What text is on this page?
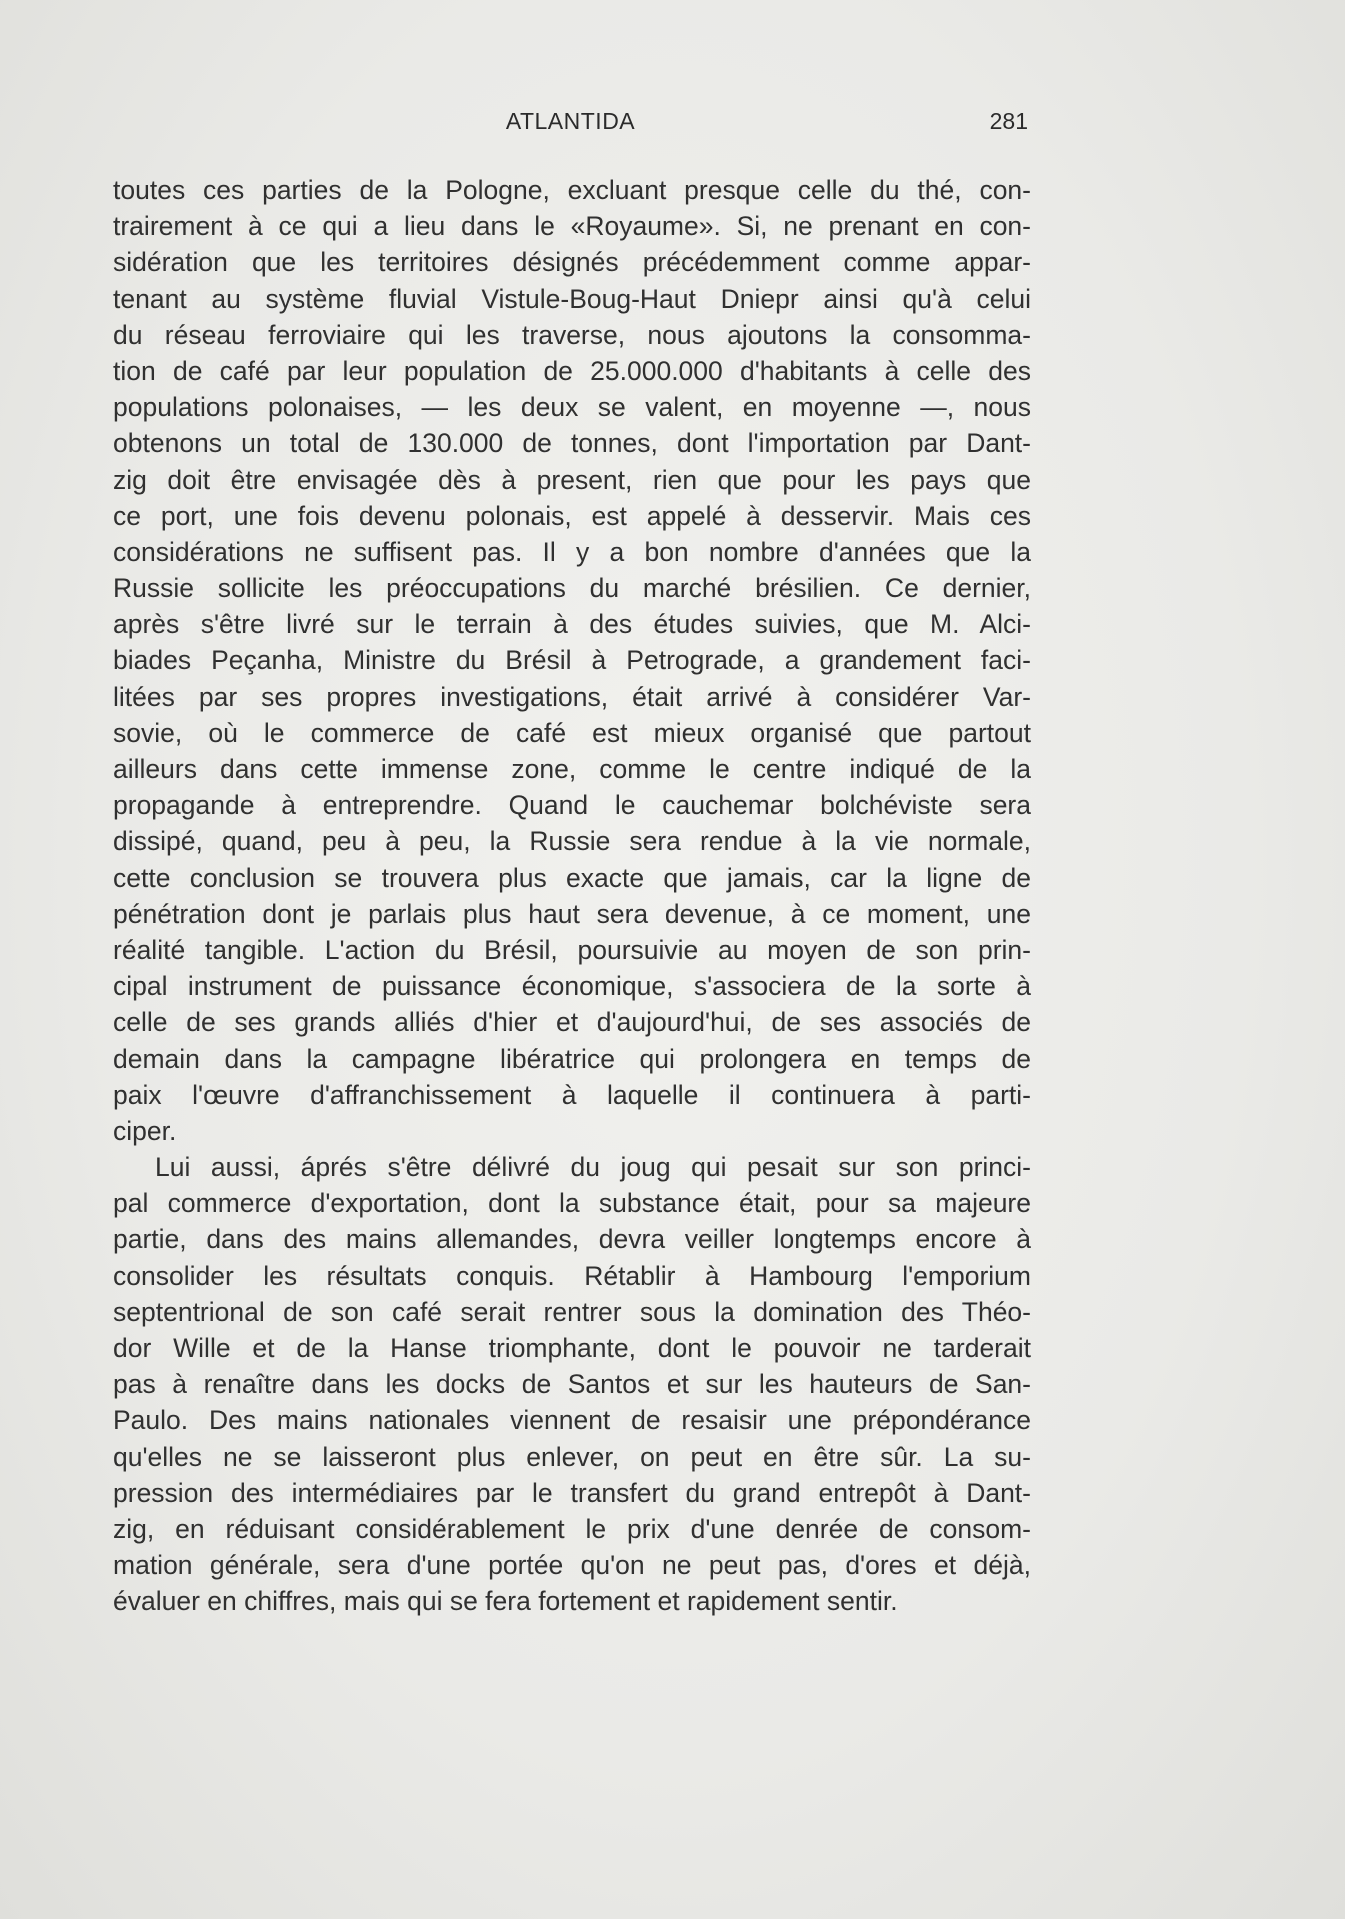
ATLANTIDA	281
toutes ces parties de la Pologne, excluant presque celle du thé, con-
trairement à ce qui a lieu dans le «Royaume». Si, ne prenant en con-
sidération que les territoires désignés précédemment comme appar-
tenant au système fluvial Vistule-Boug-Haut Dniepr ainsi qu'à celui
du réseau ferroviaire qui les traverse, nous ajoutons la consomma-
tion de café par leur population de 25.000.000 d'habitants à celle des
populations polonaises, — les deux se valent, en moyenne —, nous
obtenons un total de 130.000 de tonnes, dont l'importation par Dant-
zig doit être envisagée dès à present, rien que pour les pays que
ce port, une fois devenu polonais, est appelé à desservir. Mais ces
considérations ne suffisent pas. Il y a bon nombre d'années que la
Russie sollicite les préoccupations du marché brésilien. Ce dernier,
après s'être livré sur le terrain à des études suivies, que M. Alci-
biades Peçanha, Ministre du Brésil à Petrograde, a grandement faci-
litées par ses propres investigations, était arrivé à considérer Var-
sovie, où le commerce de café est mieux organisé que partout
ailleurs dans cette immense zone, comme le centre indiqué de la
propagande à entreprendre. Quand le cauchemar bolchéviste sera
dissipé, quand, peu à peu, la Russie sera rendue à la vie normale,
cette conclusion se trouvera plus exacte que jamais, car la ligne de
pénétration dont je parlais plus haut sera devenue, à ce moment, une
réalité tangible. L'action du Brésil, poursuivie au moyen de son prin-
cipal instrument de puissance économique, s'associera de la sorte à
celle de ses grands alliés d'hier et d'aujourd'hui, de ses associés de
demain dans la campagne libératrice qui prolongera en temps de
paix l'œuvre d'affranchissement à laquelle il continuera à parti-
ciper.
Lui aussi, áprés s'être délivré du joug qui pesait sur son princi-
pal commerce d'exportation, dont la substance était, pour sa majeure
partie, dans des mains allemandes, devra veiller longtemps encore à
consolider les résultats conquis. Rétablir à Hambourg l'emporium
septentrional de son café serait rentrer sous la domination des Théo-
dor Wille et de la Hanse triomphante, dont le pouvoir ne tarderait
pas à renaître dans les docks de Santos et sur les hauteurs de San-
Paulo. Des mains nationales viennent de resaisir une prépondérance
qu'elles ne se laisseront plus enlever, on peut en être sûr. La su-
pression des intermédiaires par le transfert du grand entrepôt à Dant-
zig, en réduisant considérablement le prix d'une denrée de consom-
mation générale, sera d'une portée qu'on ne peut pas, d'ores et déjà,
évaluer en chiffres, mais qui se fera fortement et rapidement sentir.
